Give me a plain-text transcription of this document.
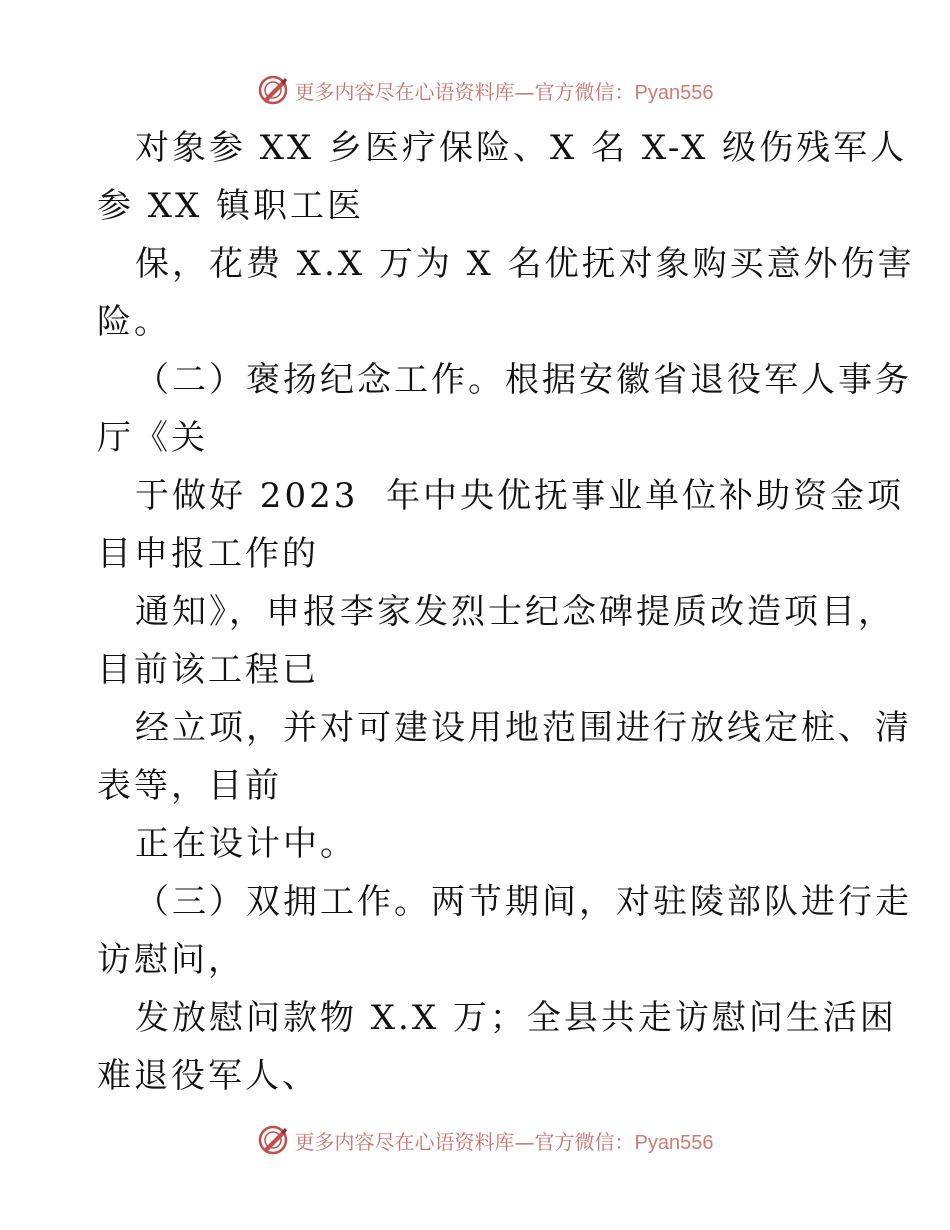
更多内容尽在心语资料库—官方微信：Pyan556
对象参 XX 乡医疗保险、X 名 X-X 级伤残军人
参 XX 镇职工医
保，花费 X.X 万为 X 名优抚对象购买意外伤害
险。
（二）褒扬纪念工作。根据安徽省退役军人事务
厅《关
于做好 2023  年中央优抚事业单位补助资金项
目申报工作的
通知》，申报李家发烈士纪念碑提质改造项目，
目前该工程已
经立项，并对可建设用地范围进行放线定桩、清
表等，目前
正在设计中。
（三）双拥工作。两节期间，对驻陵部队进行走
访慰问，
发放慰问款物 X.X 万；全县共走访慰问生活困
难退役军人、
更多内容尽在心语资料库—官方微信：Pyan556
